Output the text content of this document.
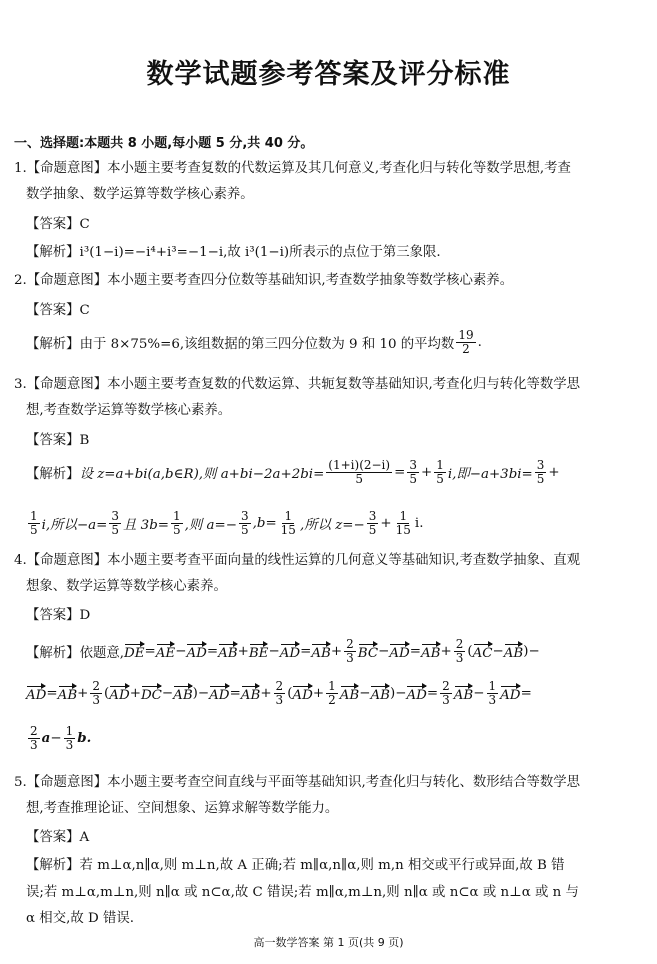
数学试题参考答案及评分标准
一、选择题:本题共 8 小题,每小题 5 分,共 40 分。
1.【命题意图】本小题主要考查复数的代数运算及其几何意义,考查化归与转化等数学思想,考查
数学抽象、数学运算等数学核心素养。
【答案】C
【解析】i³(1−i)=−i⁴+i³=−1−i,故 i³(1−i)所表示的点位于第三象限.
2.【命题意图】本小题主要考查四分位数等基础知识,考查数学抽象等数学核心素养。
【答案】C
【解析】 由于 8×75%=6,该组数据的第三四分位数为 9 和 10 的平均数 $\frac{19}{2}$ .
3.【命题意图】本小题主要考查复数的代数运算、共轭复数等基础知识,考查化归与转化等数学思
想,考查数学运算等数学核心素养。
【答案】B
【解析】 设 z=a+bi(a,b∈R),则 $a+bi-2a+2bi= \frac{(1+i)(2-i)}{5} = \frac{3}{5} + \frac{1}{5} i$,即$-a+3bi= \frac{3}{5}$ +
$\frac{1}{5} i$,所以$-a= \frac{3}{5}$ 且 $3b= \frac{1}{5}$ ,则 $a=- \frac{3}{5} ,b= \frac{1}{15}$ ,所以 $z=- \frac{3}{5} + \frac{1}{15} i$.
4.【命题意图】本小题主要考查平面向量的线性运算的几何意义等基础知识,考查数学抽象、直观
想象、数学运算等数学核心素养。
【答案】D
【解析】 依题意, DE = AE − AD = AB + BE − AD = AB + $\frac{2}{3}$ BC − AD = AB + $\frac{2}{3}$ ( AC − AB ) −
AD = AB + $\frac{2}{3}$ ( AD + DC − AB ) − AD = AB + $\frac{2}{3}$ ( AD + $\frac{1}{2}$ AB − AB ) − AD = $\frac{2}{3}$ AB − $\frac{1}{3}$ AD =
$\frac{2}{3}$ $a - \frac{1}{3} b$.
5.【命题意图】本小题主要考查空间直线与平面等基础知识,考查化归与转化、数形结合等数学思
想,考查推理论证、空间想象、运算求解等数学能力。
【答案】A
【解析】若 m⊥α,n∥α,则 m⊥n,故 A 正确;若 m∥α,n∥α,则 m,n 相交或平行或异面,故 B 错
误;若 m⊥α,m⊥n,则 n∥α 或 n⊂α,故 C 错误;若 m∥α,m⊥n,则 n∥α 或 n⊂α 或 n⊥α 或 n 与
α 相交,故 D 错误.
高一数学答案 第 1 页(共 9 页)
